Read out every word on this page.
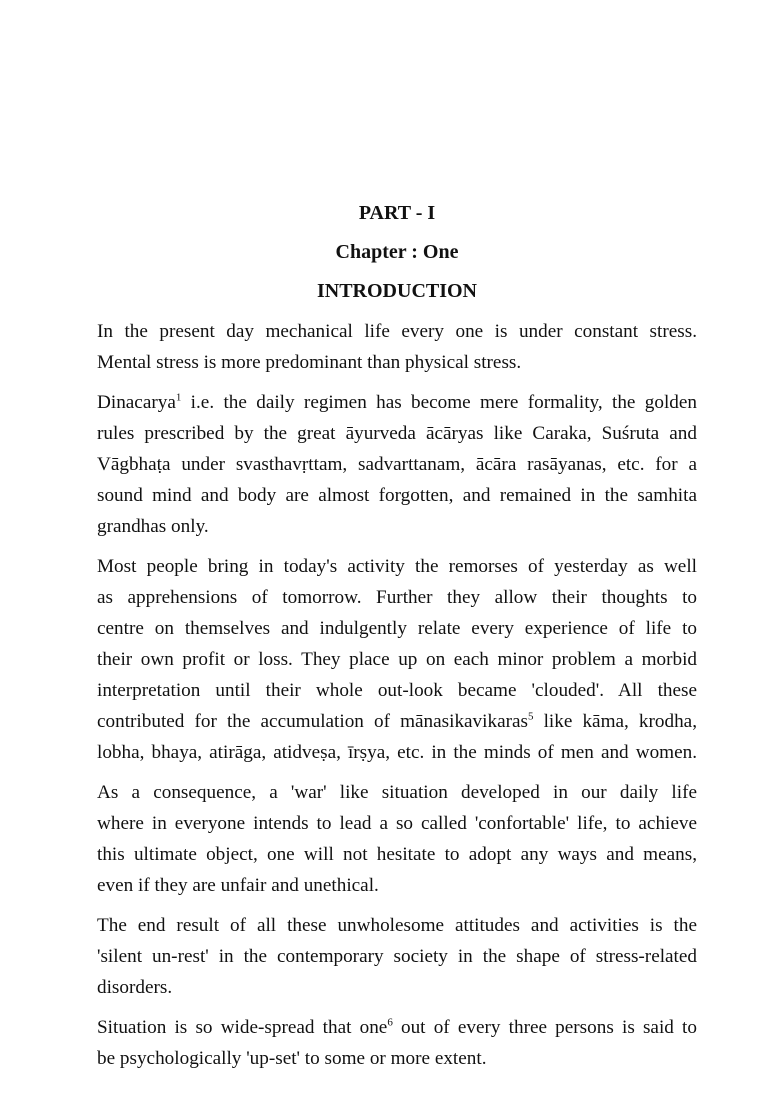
PART - I
Chapter : One
INTRODUCTION

In the present day mechanical life every one is under constant stress.
Mental stress is more predominant than physical stress.

Dinacarya$^1$ i.e. the daily regimen has become mere formality, the golden
rules prescribed by the great āyurveda ācāryas like Caraka, Suśruta and
Vāgbhaṭa under svasthavṛttam, sadvarttanam, ācāra rasāyanas, etc. for a
sound mind and body are almost forgotten, and remained in the samhita
grandhas only.

Most people bring in today's activity the remorses of yesterday as well
as apprehensions of tomorrow. Further they allow their thoughts to
centre on themselves and indulgently relate every experience of life to
their own profit or loss. They place up on each minor problem a morbid
interpretation until their whole out-look became 'clouded'. All these
contributed for the accumulation of mānasikavikaras$^5$ like kāma, krodha,
lobha, bhaya, atirāga, atidveṣa, īrṣya, etc. in the minds of men and women.

As a consequence, a 'war' like situation developed in our daily life
where in everyone intends to lead a so called 'confortable' life, to achieve
this ultimate object, one will not hesitate to adopt any ways and means,
even if they are unfair and unethical.

The end result of all these unwholesome attitudes and activities is the
'silent un-rest' in the contemporary society in the shape of stress-related
disorders.

Situation is so wide-spread that one$^6$ out of every three persons is said to
be psychologically 'up-set' to some or more extent.
